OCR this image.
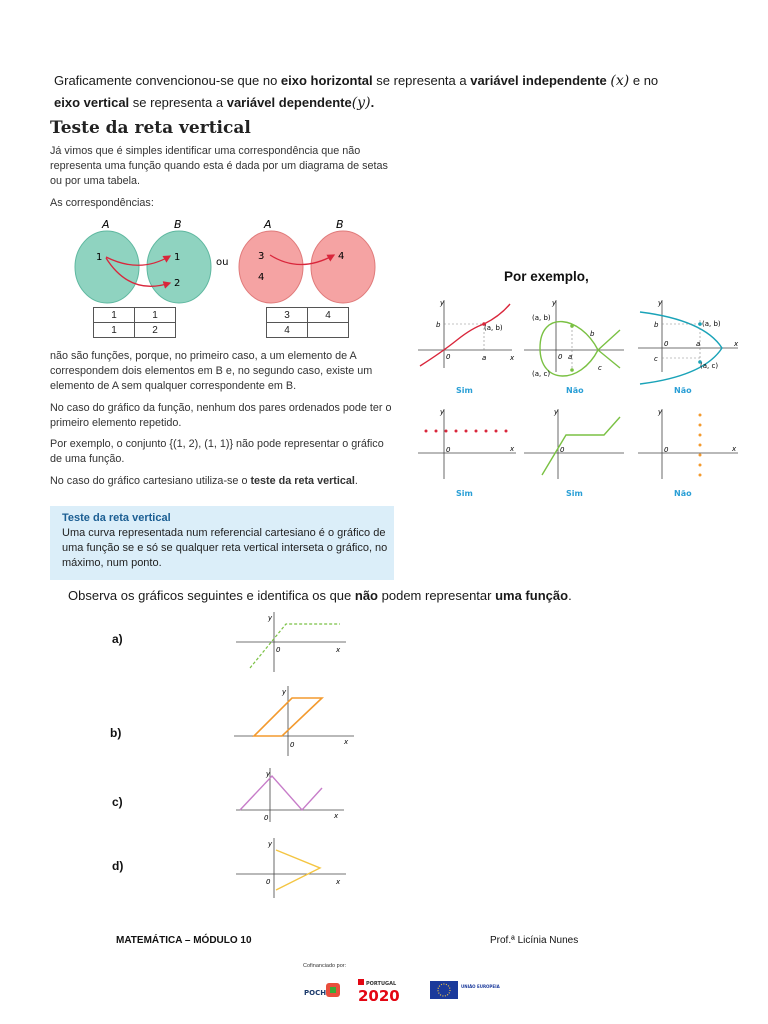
Graficamente convencionou-se que no eixo horizontal se representa a variável independente (x) e no
eixo vertical se representa a variável dependente(y).
Teste da reta vertical
Já vimos que é simples identificar uma correspondência que não representa uma função quando esta é dada por um diagrama de setas ou por uma tabela.
As correspondências:
A	B
1	1
2
ou
A	B
3
4
4
1	1
1	2
3	4
4	
não são funções, porque, no primeiro caso, a um elemento de A correspondem dois elementos em B e, no segundo caso, existe um elemento de A sem qualquer correspondente em B.
No caso do gráfico da função, nenhum dos pares ordenados pode ter o primeiro elemento repetido.
Por exemplo, o conjunto {(1, 2), (1, 1)} não pode representar o gráfico de uma função.
No caso do gráfico cartesiano utiliza-se o teste da reta vertical.
Teste da reta vertical
Uma curva representada num referencial cartesiano é o gráfico de uma função se e só se qualquer reta vertical interseta o gráfico, no máximo, num ponto.
Por exemplo,
y
x
0
b
a
(a, b)
Sim
y
(a, b)
(a, c)
0 a
b
c
Não
y
x
b
c
0	a
(a, b)
(a, c)
Não
y
x
0
Sim
y
0
Sim
y
x
0
Não
Observa os gráficos seguintes e identifica os que não podem representar uma função.
a)
b)
c)
d)
y
x
0
y
x
0
y
x
0
y
x
0
MATEMÁTICA – MÓDULO 10	Prof.ª Licínia Nunes
Cofinanciado por:
POCH
PORTUGAL
2020
UNIÃO EUROPEIA
